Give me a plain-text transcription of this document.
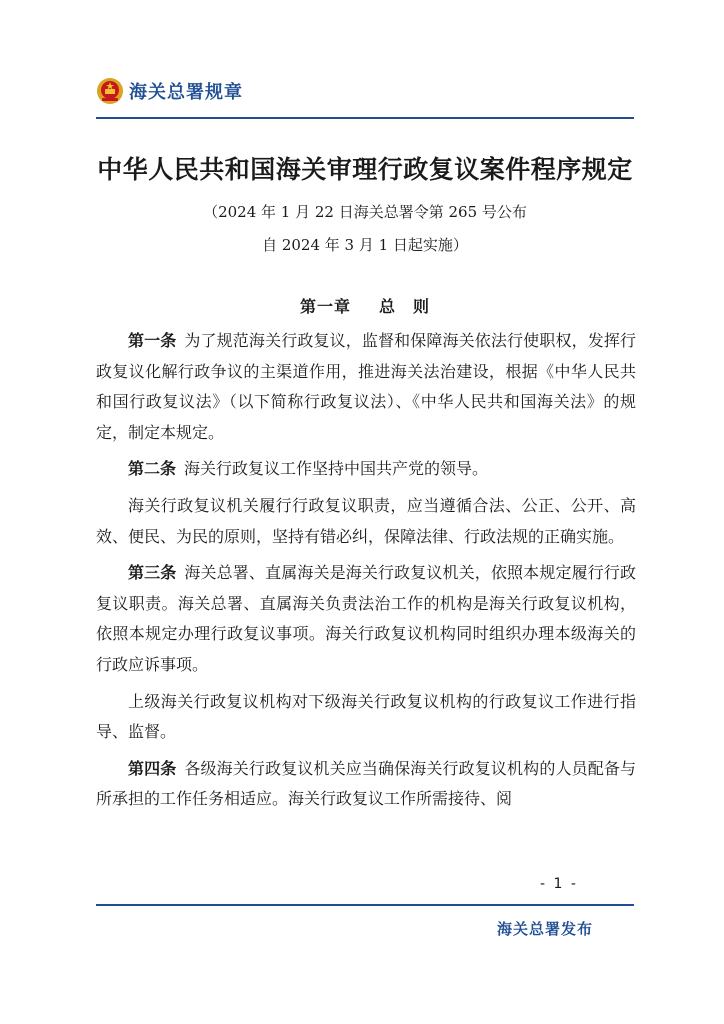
海关总署规章
中华人民共和国海关审理行政复议案件程序规定
（2024 年 1 月 22 日海关总署令第 265 号公布
自 2024 年 3 月 1 日起实施）
第一章 总　则

第一条 为了规范海关行政复议，监督和保障海关依法行使职权，发挥行政复议化解行政争议的主渠道作用，推进海关法治建设，根据《中华人民共和国行政复议法》（以下简称行政复议法）、《中华人民共和国海关法》的规定，制定本规定。

第二条 海关行政复议工作坚持中国共产党的领导。

海关行政复议机关履行行政复议职责，应当遵循合法、公正、公开、高效、便民、为民的原则，坚持有错必纠，保障法律、行政法规的正确实施。

第三条 海关总署、直属海关是海关行政复议机关，依照本规定履行行政复议职责。海关总署、直属海关负责法治工作的机构是海关行政复议机构，依照本规定办理行政复议事项。海关行政复议机构同时组织办理本级海关的行政应诉事项。

上级海关行政复议机构对下级海关行政复议机构的行政复议工作进行指导、监督。

第四条 各级海关行政复议机关应当确保海关行政复议机构的人员配备与所承担的工作任务相适应。海关行政复议工作所需接待、阅

- 1 -
海关总署发布
